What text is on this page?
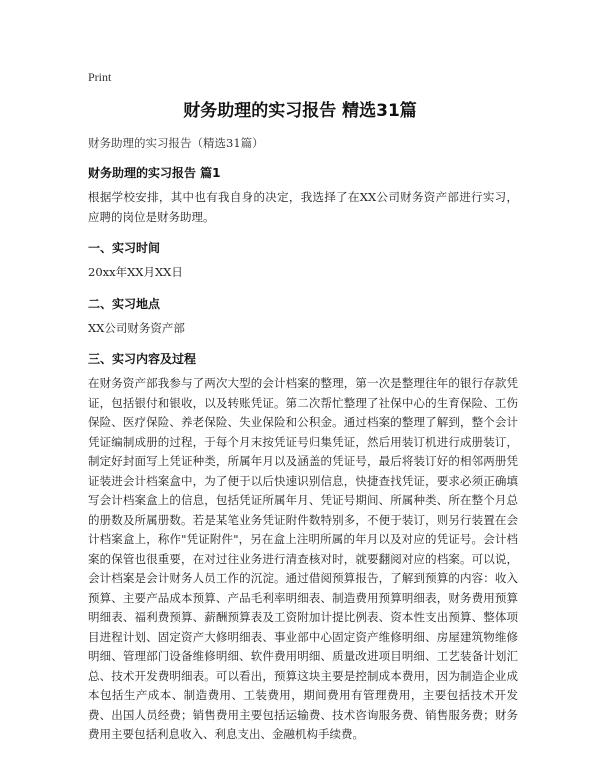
Print
财务助理的实习报告 精选31篇

财务助理的实习报告（精选31篇）

财务助理的实习报告 篇1

根据学校安排，其中也有我自身的决定，我选择了在XX公司财务资产部进行实习，应聘的岗位是财务助理。

一、实习时间

20xx年XX月XX日

二、实习地点

XX公司财务资产部

三、实习内容及过程

在财务资产部我参与了两次大型的会计档案的整理，第一次是整理往年的银行存款凭证，包括银付和银收，以及转账凭证。第二次帮忙整理了社保中心的生育保险、工伤保险、医疗保险、养老保险、失业保险和公积金。通过档案的整理了解到，整个会计凭证编制成册的过程，于每个月末按凭证号归集凭证，然后用装订机进行成册装订，制定好封面写上凭证种类，所属年月以及涵盖的凭证号，最后将装订好的相邻两册凭证装进会计档案盒中，为了便于以后快速识别信息，快捷查找凭证，要求必须正确填写会计档案盒上的信息，包括凭证所属年月、凭证号期间、所属种类、所在整个月总的册数及所属册数。若是某笔业务凭证附件数特别多，不便于装订，则另行装置在会计档案盒上，称作"凭证附件"，另在盒上注明所属的年月以及对应的凭证号。会计档案的保管也很重要，在对过往业务进行清查核对时，就要翻阅对应的档案。可以说，会计档案是会计财务人员工作的沉淀。通过借阅预算报告，了解到预算的内容：收入预算、主要产品成本预算、产品毛利率明细表、制造费用预算明细表，财务费用预算明细表、福利费预算、薪酬预算表及工资附加计提比例表、资本性支出预算、整体项目进程计划、固定资产大修明细表、事业部中心固定资产维修明细、房屋建筑物维修明细、管理部门设备维修明细、软件费用明细、质量改进项目明细、工艺装备计划汇总、技术开发费明细表。可以看出，预算这块主要是控制成本费用，因为制造企业成本包括生产成本、制造费用、工装费用，期间费用有管理费用，主要包括技术开发费、出国人员经费；销售费用主要包括运输费、技术咨询服务费、销售服务费；财务费用主要包括利息收入、利息支出、金融机构手续费。
